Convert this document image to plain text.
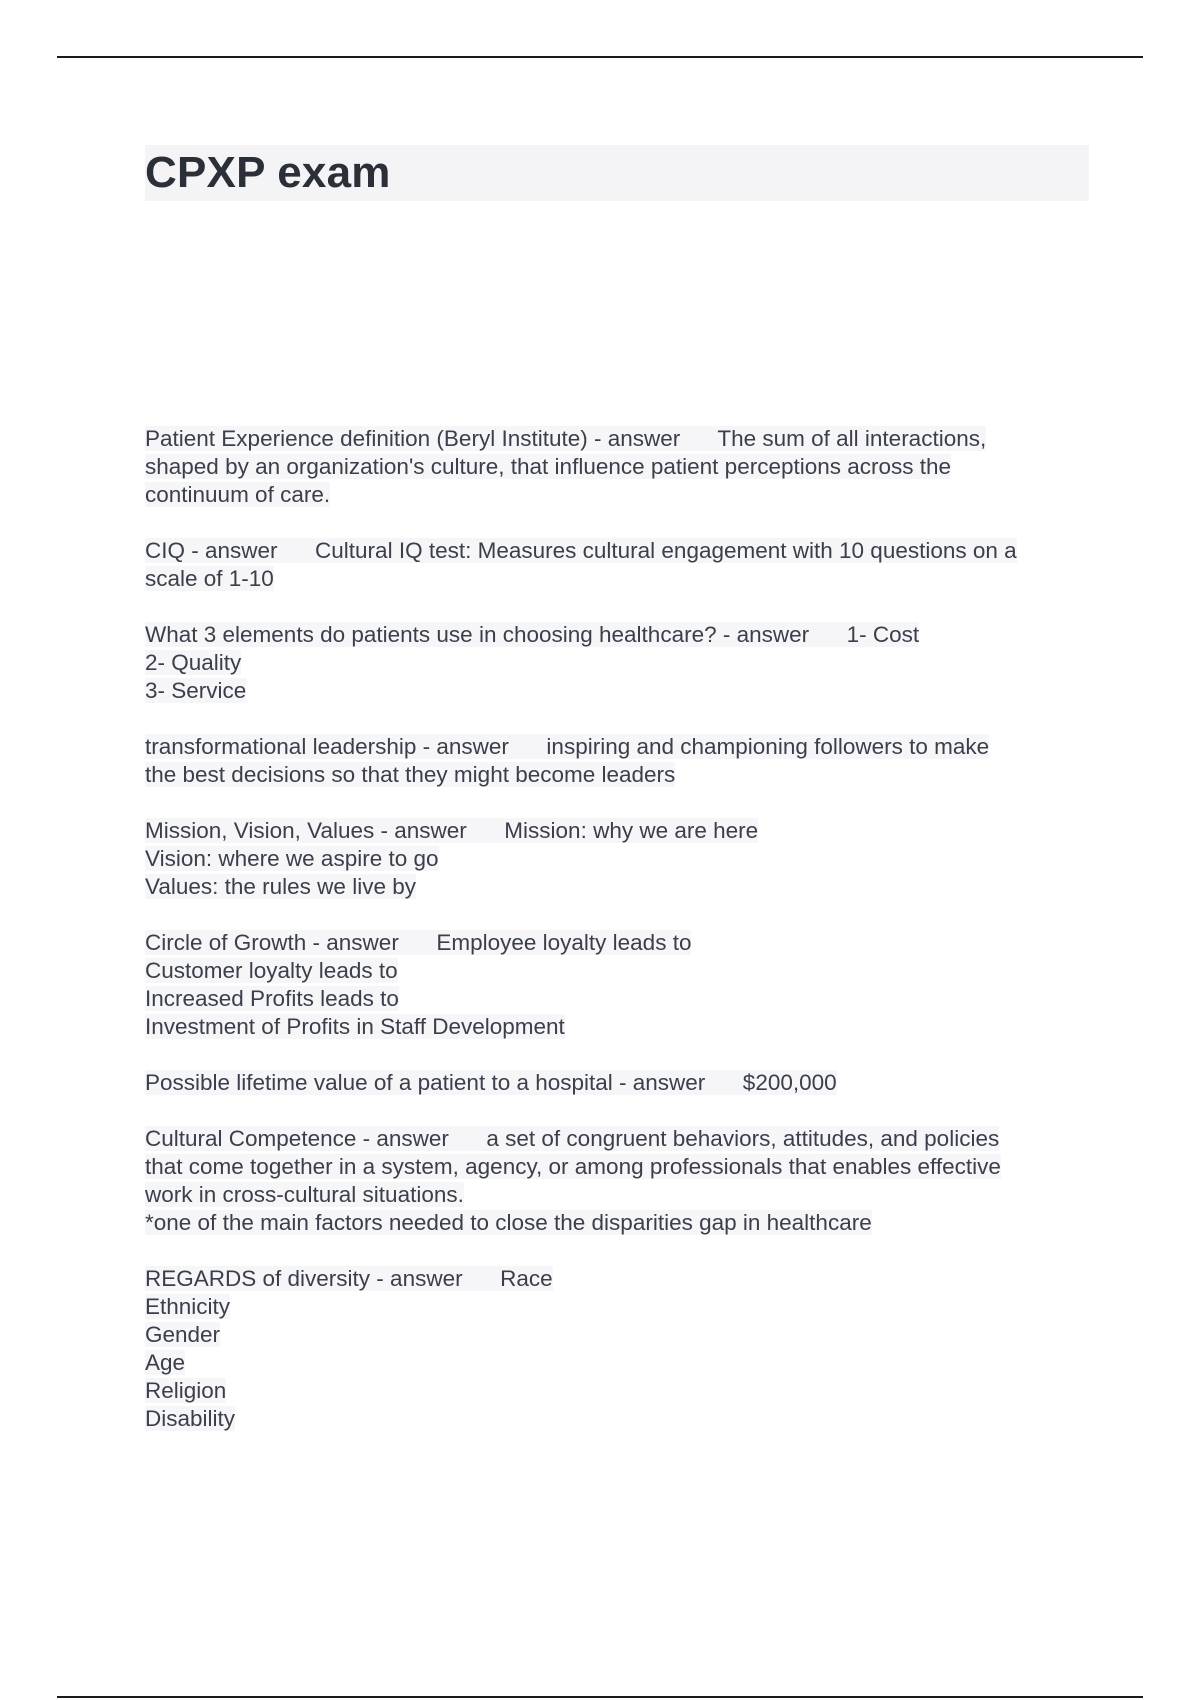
CPXP exam
Patient Experience definition (Beryl Institute) - answer      The sum of all interactions,
shaped by an organization's culture, that influence patient perceptions across the
continuum of care.
CIQ - answer      Cultural IQ test: Measures cultural engagement with 10 questions on a
scale of 1-10
What 3 elements do patients use in choosing healthcare? - answer      1- Cost
2- Quality
3- Service
transformational leadership - answer      inspiring and championing followers to make
the best decisions so that they might become leaders
Mission, Vision, Values - answer      Mission: why we are here
Vision: where we aspire to go
Values: the rules we live by
Circle of Growth - answer      Employee loyalty leads to
Customer loyalty leads to
Increased Profits leads to
Investment of Profits in Staff Development
Possible lifetime value of a patient to a hospital - answer      $200,000
Cultural Competence - answer      a set of congruent behaviors, attitudes, and policies
that come together in a system, agency, or among professionals that enables effective
work in cross-cultural situations.
*one of the main factors needed to close the disparities gap in healthcare
REGARDS of diversity - answer      Race
Ethnicity
Gender
Age
Religion
Disability
